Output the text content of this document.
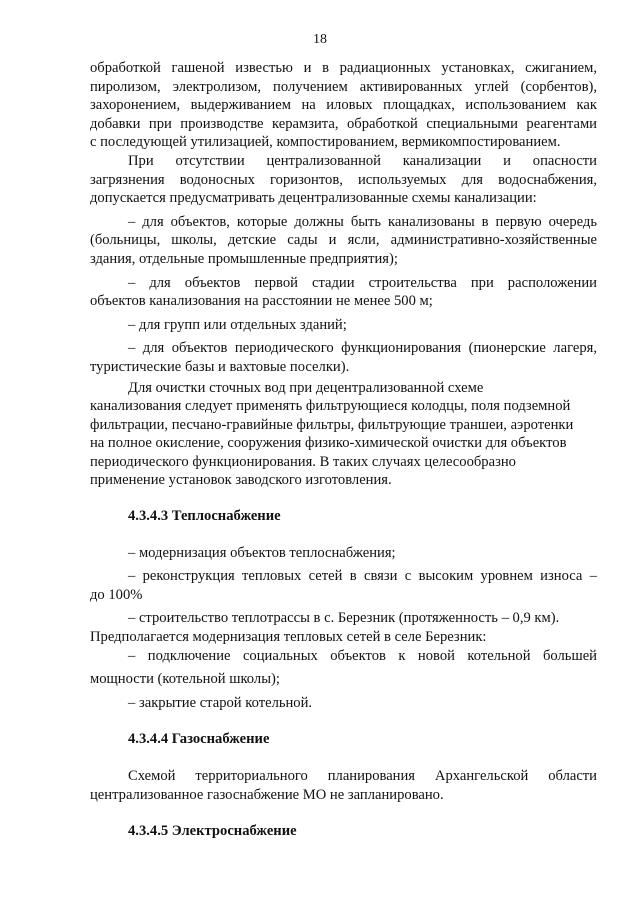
18

обработкой гашеной известью и в радиационных установках, сжиганием,

пиролизом, электролизом, получением активированных углей (сорбентов),

захоронением, выдерживанием на иловых площадках, использованием как

добавки при производстве керамзита, обработкой специальными реагентами

с последующей утилизацией, компостированием, вермикомпостированием.

При отсутствии централизованной канализации и опасности

загрязнения водоносных горизонтов, используемых для водоснабжения,

допускается предусматривать децентрализованные схемы канализации:

– для объектов, которые должны быть канализованы в первую очередь

(больницы, школы, детские сады и ясли, административно-хозяйственные

здания, отдельные промышленные предприятия);

– для объектов первой стадии строительства при расположении

объектов канализования на расстоянии не менее 500 м;

– для групп или отдельных зданий;

– для объектов периодического функционирования (пионерские лагеря,

туристические базы и вахтовые поселки).

Для очистки сточных вод при децентрализованной схеме

канализования следует применять фильтрующиеся колодцы, поля подземной

фильтрации, песчано-гравийные фильтры, фильтрующие траншеи, аэротенки

на полное окисление, сооружения физико-химической очистки для объектов

периодического функционирования. В таких случаях целесообразно

применение установок заводского изготовления.

4.3.4.3 Теплоснабжение

– модернизация объектов теплоснабжения;

– реконструкция тепловых сетей в связи с высоким уровнем износа –

до 100%

– строительство теплотрассы в с. Березник (протяженность – 0,9 км).

Предполагается модернизация тепловых сетей в селе Березник:

– подключение социальных объектов к новой котельной большей

мощности (котельной школы);

– закрытие старой котельной.

4.3.4.4 Газоснабжение

Схемой территориального планирования Архангельской области

централизованное газоснабжение МО не запланировано.

4.3.4.5 Электроснабжение
